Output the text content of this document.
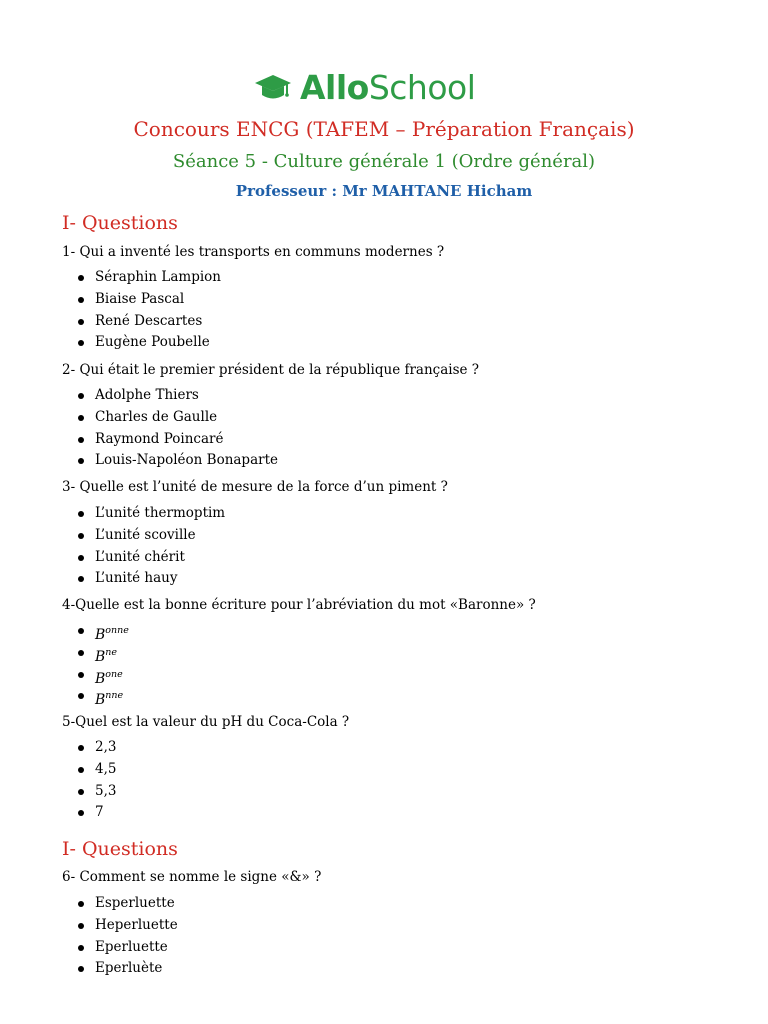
AlloSchool
Concours ENCG (TAFEM – Préparation Français)
Séance 5 - Culture générale 1 (Ordre général)
Professeur : Mr MAHTANE Hicham
I- Questions
1- Qui a inventé les transports en communs modernes ?
Séraphin Lampion
Biaise Pascal
René Descartes
Eugène Poubelle
2- Qui était le premier président de la république française ?
Adolphe Thiers
Charles de Gaulle
Raymond Poincaré
Louis-Napoléon Bonaparte
3- Quelle est l’unité de mesure de la force d’un piment ?
L’unité thermoptim
L’unité scoville
L’unité chérit
L’unité hauy
4-Quelle est la bonne écriture pour l’abréviation du mot «Baronne» ?
$B^{onne}$
$B^{ne}$
$B^{one}$
$B^{nne}$
5-Quel est la valeur du pH du Coca-Cola ?
2,3
4,5
5,3
7
I- Questions
6- Comment se nomme le signe «&» ?
Esperluette
Heperluette
Eperluette
Eperluète
